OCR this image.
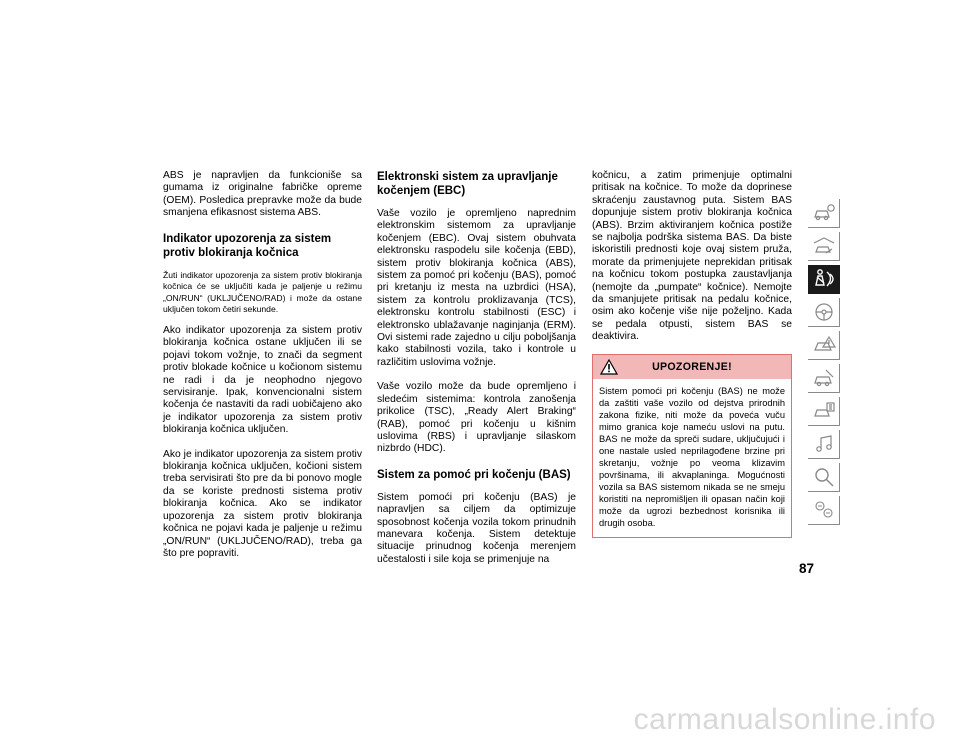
ABS je napravljen da funkcioniše sa gumama iz originalne fabričke opreme (OEM). Posledica prepravke može da bude smanjena efikasnost sistema ABS.

Indikator upozorenja za sistem protiv blokiranja kočnica

Žuti indikator upozorenja za sistem protiv blokiranja kočnica će se uključiti kada je paljenje u režimu „ON/RUN“ (UKLJUČENO/RAD) i može da ostane uključen tokom četiri sekunde.

Ako indikator upozorenja za sistem protiv blokiranja kočnica ostane uključen ili se pojavi tokom vožnje, to znači da segment protiv blokade kočnice u kočionom sistemu ne radi i da je neophodno njegovo servisiranje. Ipak, konvencionalni sistem kočenja će nastaviti da radi uobičajeno ako je indikator upozorenja za sistem protiv blokiranja kočnica uključen.

Ako je indikator upozorenja za sistem protiv blokiranja kočnica uključen, kočioni sistem treba servisirati što pre da bi ponovo mogle da se koriste prednosti sistema protiv blokiranja kočnica. Ako se indikator upozorenja za sistem protiv blokiranja kočnica ne pojavi kada je paljenje u režimu „ON/RUN“ (UKLJUČENO/RAD), treba ga što pre popraviti.

Elektronski sistem za upravljanje kočenjem (EBC)

Vaše vozilo je opremljeno naprednim elektronskim sistemom za upravljanje kočenjem (EBC). Ovaj sistem obuhvata elektronsku raspodelu sile kočenja (EBD), sistem protiv blokiranja kočnica (ABS), sistem za pomoć pri kočenju (BAS), pomoć pri kretanju iz mesta na uzbrdici (HSA), sistem za kontrolu proklizavanja (TCS), elektronsku kontrolu stabilnosti (ESC) i elektronsko ublažavanje naginjanja (ERM). Ovi sistemi rade zajedno u cilju poboljšanja kako stabilnosti vozila, tako i kontrole u različitim uslovima vožnje.

Vaše vozilo može da bude opremljeno i sledećim sistemima: kontrola zanošenja prikolice (TSC), „Ready Alert Braking“ (RAB), pomoć pri kočenju u kišnim uslovima (RBS) i upravljanje silaskom nizbrdo (HDC).

Sistem za pomoć pri kočenju (BAS)

Sistem pomoći pri kočenju (BAS) je napravljen sa ciljem da optimizuje sposobnost kočenja vozila tokom prinudnih manevara kočenja. Sistem detektuje situacije prinudnog kočenja merenjem učestalosti i sile koja se primenjuje na

kočnicu, a zatim primenjuje optimalni pritisak na kočnice. To može da doprinese skraćenju zaustavnog puta. Sistem BAS dopunjuje sistem protiv blokiranja kočnica (ABS). Brzim aktiviranjem kočnica postiže se najbolja podrška sistema BAS. Da biste iskoristili prednosti koje ovaj sistem pruža, morate da primenjujete neprekidan pritisak na kočnicu tokom postupka zaustavljanja (nemojte da „pumpate“ kočnice). Nemojte da smanjujete pritisak na pedalu kočnice, osim ako kočenje više nije poželjno. Kada se pedala otpusti, sistem BAS se deaktivira.

UPOZORENJE!
Sistem pomoći pri kočenju (BAS) ne može da zaštiti vaše vozilo od dejstva prirodnih zakona fizike, niti može da poveća vuču mimo granica koje nameću uslovi na putu. BAS ne može da spreči sudare, uključujući i one nastale usled neprilagođene brzine pri skretanju, vožnje po veoma klizavim površinama, ili akvaplaninga. Mogućnosti vozila sa BAS sistemom nikada se ne smeju koristiti na nepromišljen ili opasan način koji može da ugrozi bezbednost korisnika ili drugih osoba.
87
carmanualsonline.info
